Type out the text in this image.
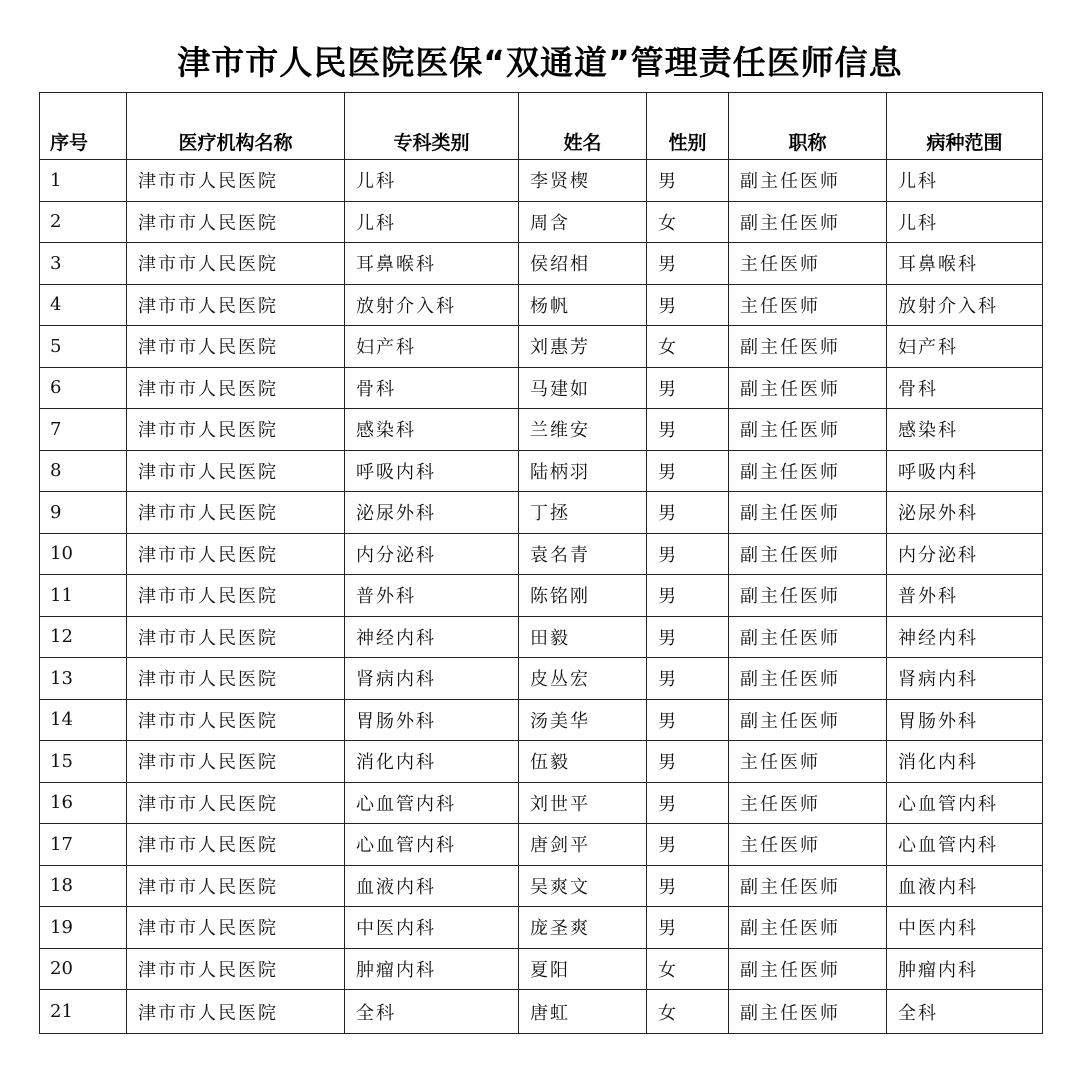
津市市人民医院医保“双通道”管理责任医师信息
序号	医疗机构名称	专科类别	姓名	性别	职称	病种范围
1	津市市人民医院	儿科	李贤楔	男	副主任医师	儿科
2	津市市人民医院	儿科	周含	女	副主任医师	儿科
3	津市市人民医院	耳鼻喉科	侯绍相	男	主任医师	耳鼻喉科
4	津市市人民医院	放射介入科	杨帆	男	主任医师	放射介入科
5	津市市人民医院	妇产科	刘惠芳	女	副主任医师	妇产科
6	津市市人民医院	骨科	马建如	男	副主任医师	骨科
7	津市市人民医院	感染科	兰维安	男	副主任医师	感染科
8	津市市人民医院	呼吸内科	陆柄羽	男	副主任医师	呼吸内科
9	津市市人民医院	泌尿外科	丁拯	男	副主任医师	泌尿外科
10	津市市人民医院	内分泌科	袁名青	男	副主任医师	内分泌科
11	津市市人民医院	普外科	陈铭刚	男	副主任医师	普外科
12	津市市人民医院	神经内科	田毅	男	副主任医师	神经内科
13	津市市人民医院	肾病内科	皮丛宏	男	副主任医师	肾病内科
14	津市市人民医院	胃肠外科	汤美华	男	副主任医师	胃肠外科
15	津市市人民医院	消化内科	伍毅	男	主任医师	消化内科
16	津市市人民医院	心血管内科	刘世平	男	主任医师	心血管内科
17	津市市人民医院	心血管内科	唐剑平	男	主任医师	心血管内科
18	津市市人民医院	血液内科	吴爽文	男	副主任医师	血液内科
19	津市市人民医院	中医内科	庞圣爽	男	副主任医师	中医内科
20	津市市人民医院	肿瘤内科	夏阳	女	副主任医师	肿瘤内科
21	津市市人民医院	全科	唐虹	女	副主任医师	全科
